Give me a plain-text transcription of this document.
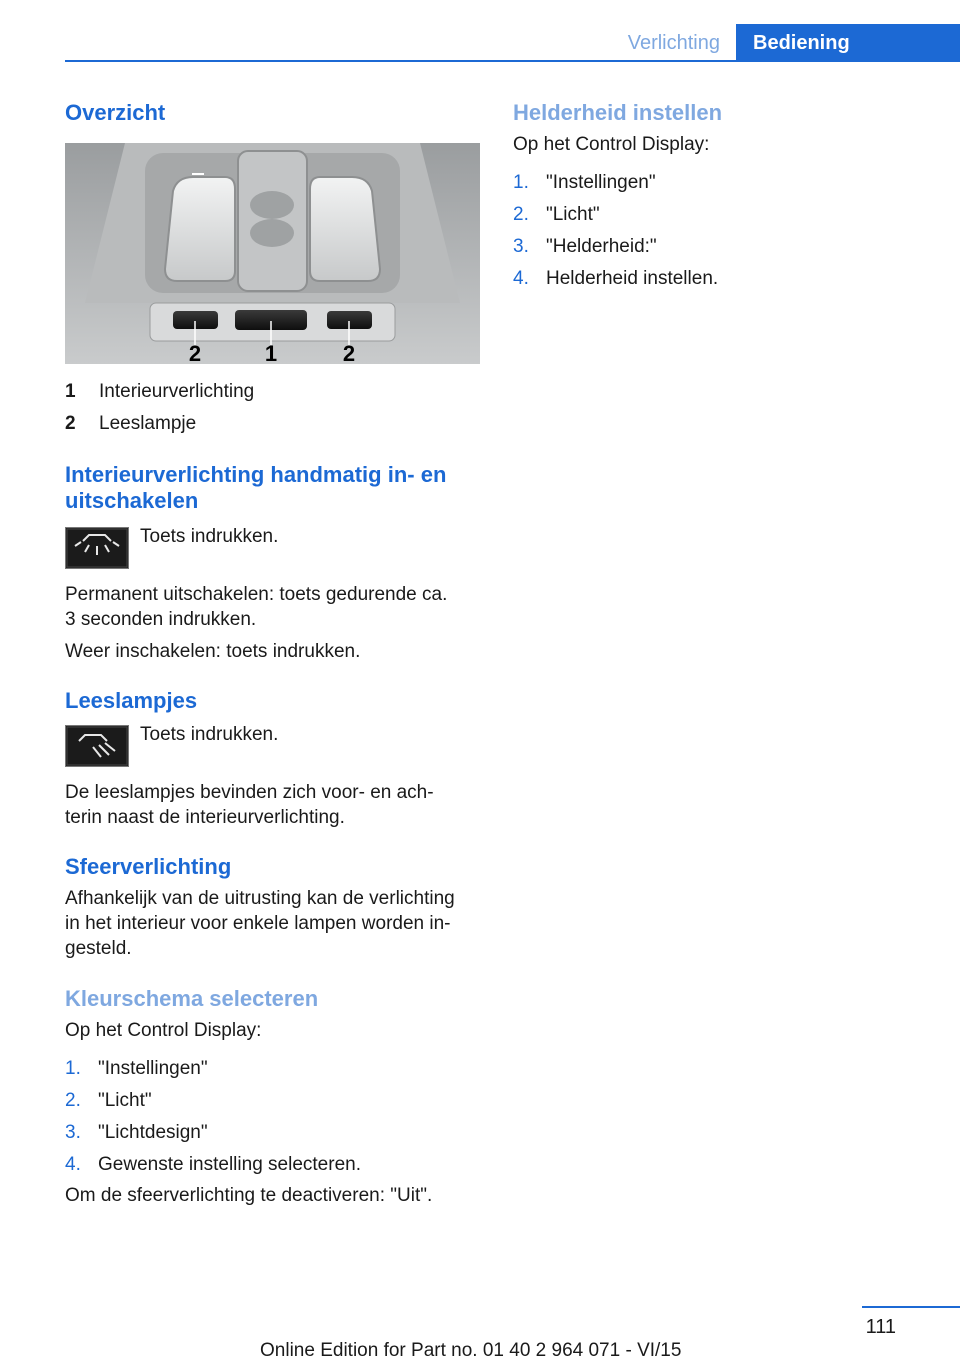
Verlichting	Bediening
Overzicht
2	1	2
1	Interieurverlichting
2	Leeslampje
Interieurverlichting handmatig in- en
uitschakelen
Toets indrukken.

Permanent uitschakelen: toets gedurende ca.
3 seconden indrukken.

Weer inschakelen: toets indrukken.

Leeslampjes
Toets indrukken.

De leeslampjes bevinden zich voor- en ach-
terin naast de interieurverlichting.

Sfeerverlichting

Afhankelijk van de uitrusting kan de verlichting
in het interieur voor enkele lampen worden in-
gesteld.

Kleurschema selecteren

Op het Control Display:

1. "Instellingen"
2. "Licht"
3. "Lichtdesign"
4. Gewenste instelling selecteren.

Om de sfeerverlichting te deactiveren: "Uit".

Helderheid instellen

Op het Control Display:

1. "Instellingen"
2. "Licht"
3. "Helderheid:"
4. Helderheid instellen.
111
Online Edition for Part no. 01 40 2 964 071 - VI/15
